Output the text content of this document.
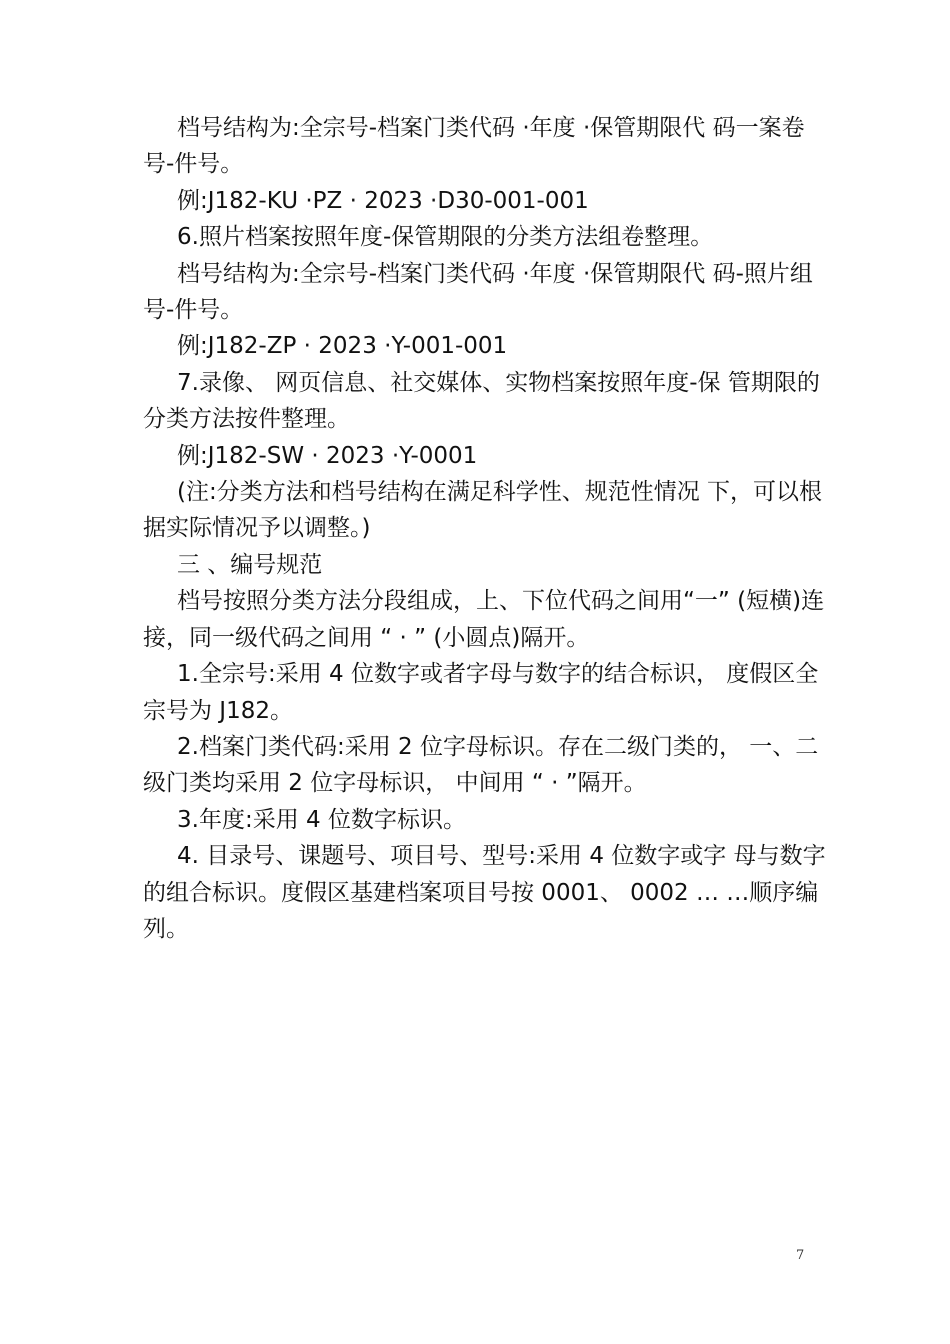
档号结构为:全宗号-档案门类代码 ·年度 ·保管期限代 码一案卷号-件号。

例:J182-KU ·PZ · 2023 ·D30-001-001

6.照片档案按照年度-保管期限的分类方法组卷整理。

档号结构为:全宗号-档案门类代码 ·年度 ·保管期限代 码-照片组号-件号。

例:J182-ZP · 2023 ·Y-001-001

7.录像、 网页信息、社交媒体、实物档案按照年度-保 管期限的分类方法按件整理。

例:J182-SW · 2023 ·Y-0001

(注:分类方法和档号结构在满足科学性、规范性情况 下，可以根据实际情况予以调整。)

三 、编号规范

档号按照分类方法分段组成，上、下位代码之间用“一” (短横)连接，同一级代码之间用 “ · ” (小圆点)隔开。

1.全宗号:采用 4 位数字或者字母与数字的结合标识， 度假区全宗号为 J182。

2.档案门类代码:采用 2 位字母标识。存在二级门类的， 一、二级门类均采用 2 位字母标识， 中间用 “ · ”隔开。

3.年度:采用 4 位数字标识。

4. 目录号、课题号、项目号、型号:采用 4 位数字或字 母与数字的组合标识。度假区基建档案项目号按 0001、 0002 … …顺序编列。

7
